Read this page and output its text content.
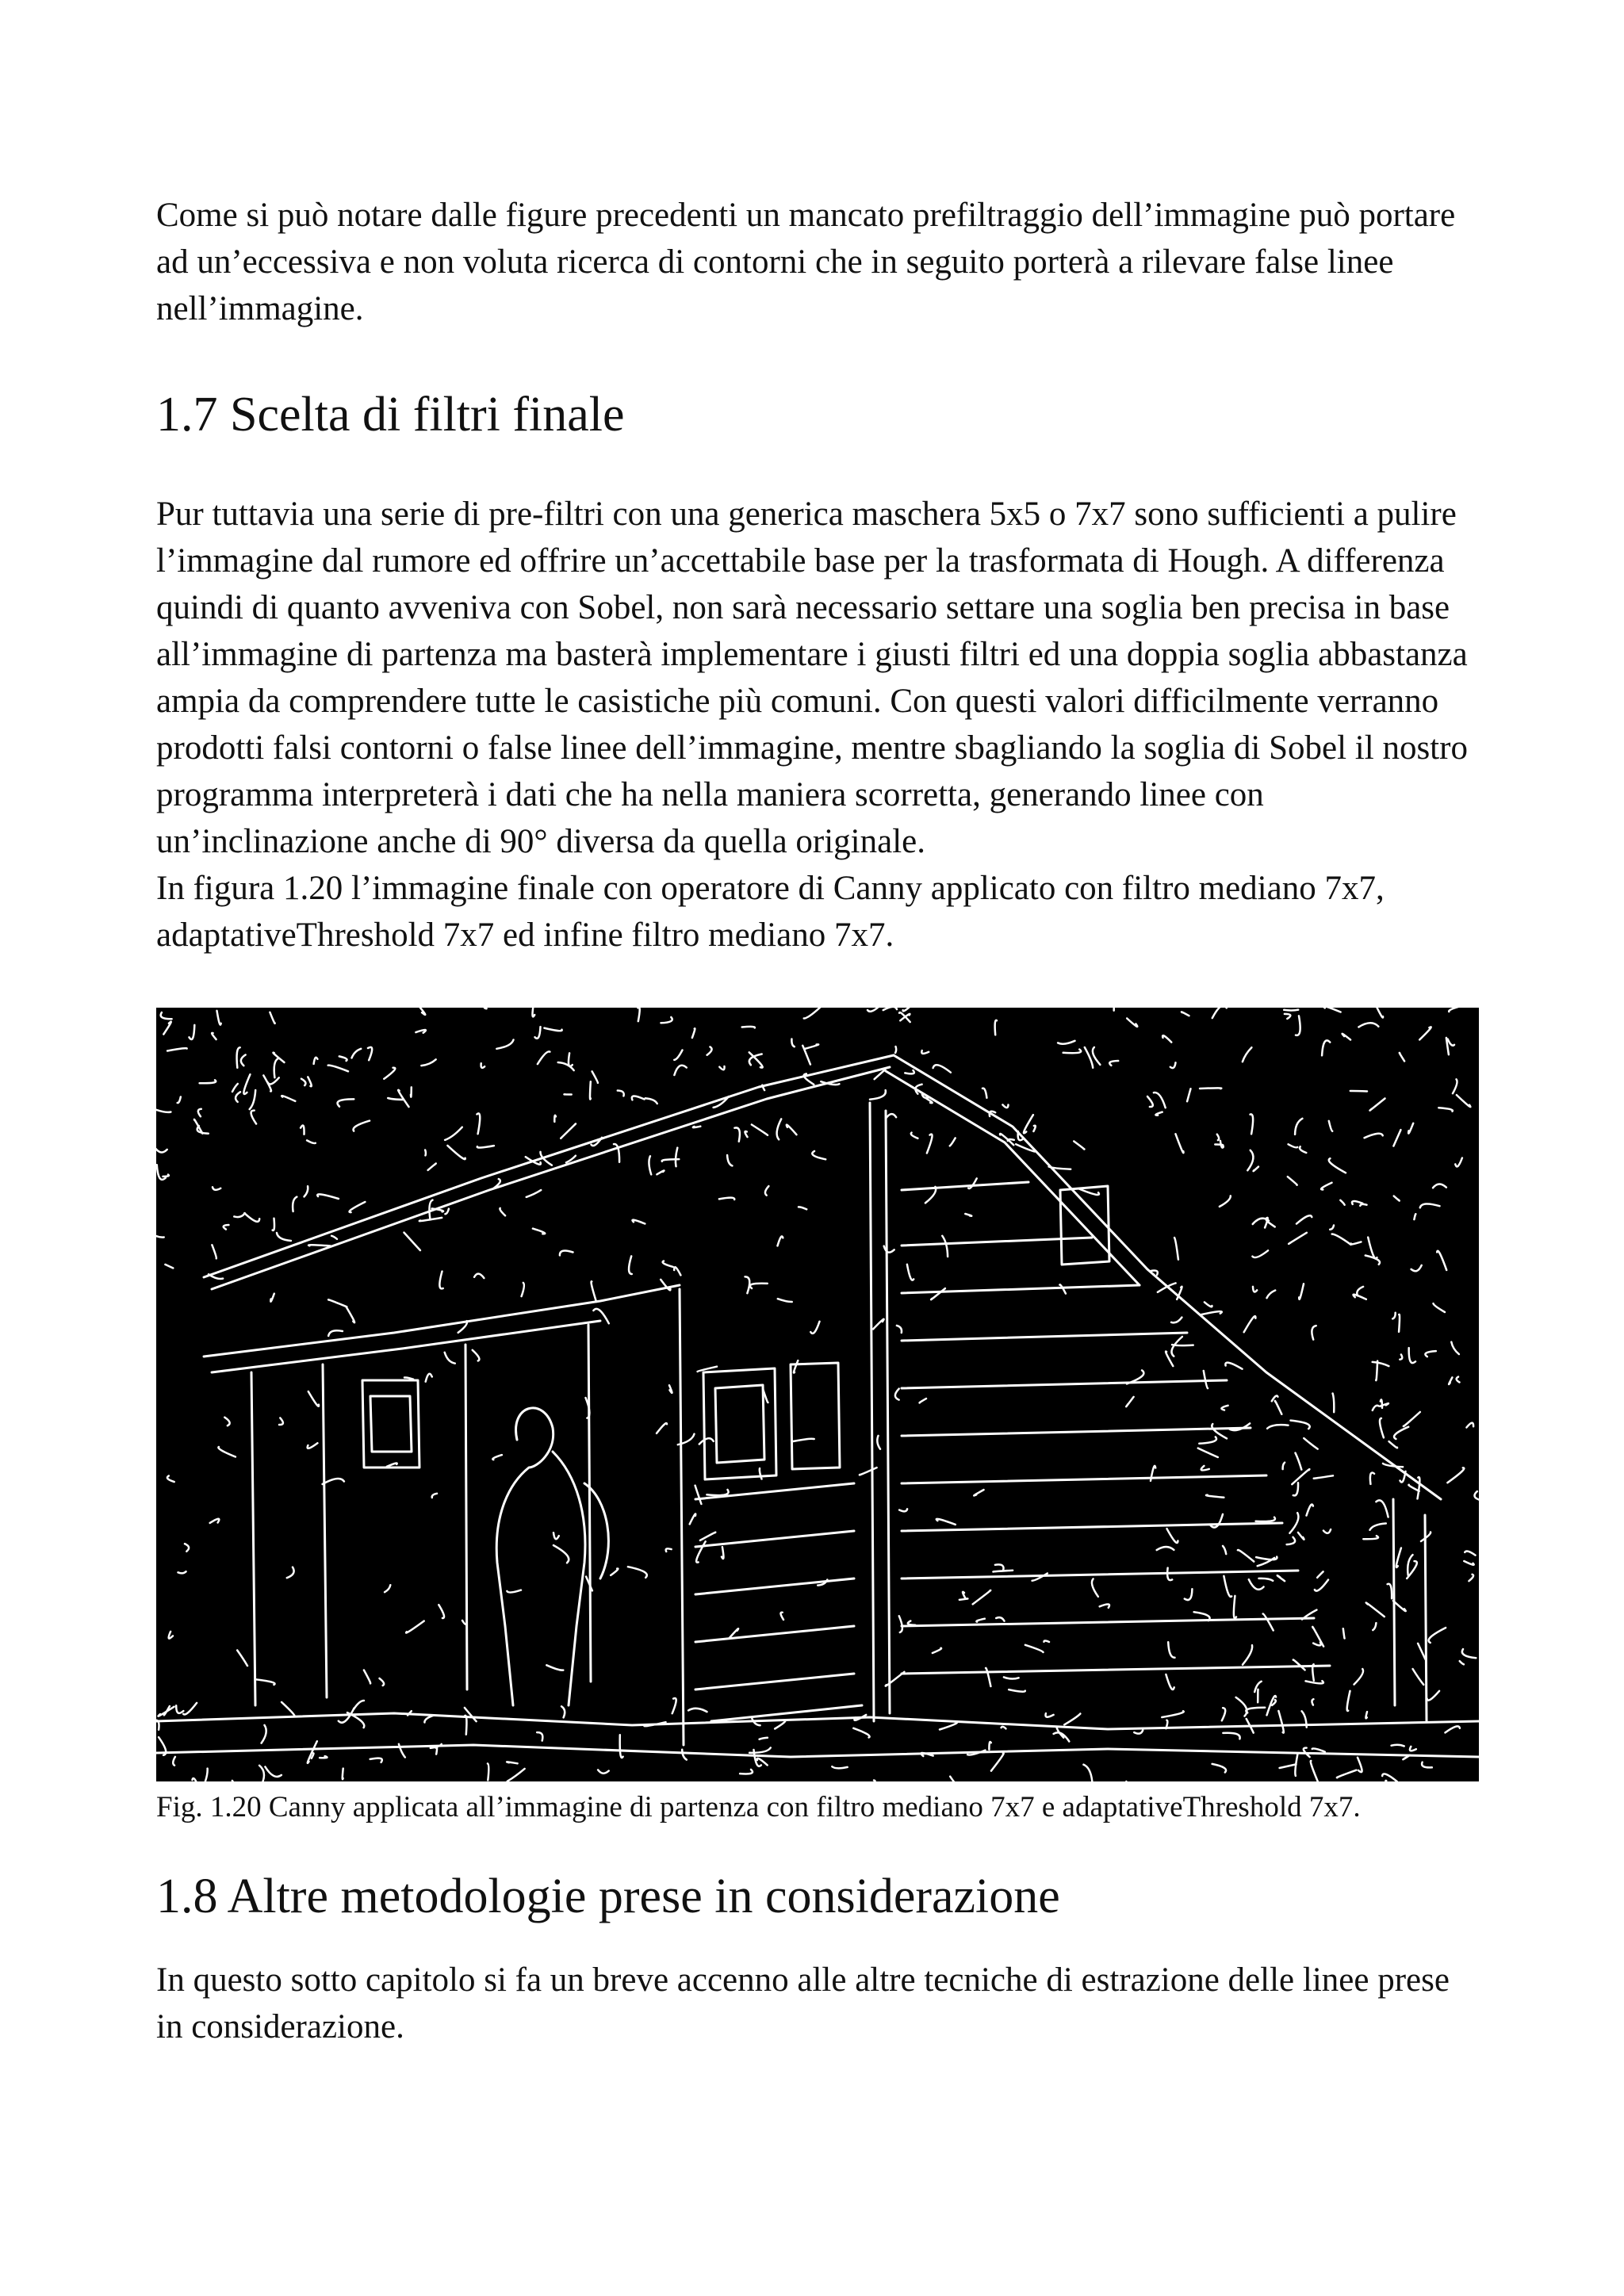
Come si può notare dalle figure precedenti un mancato prefiltraggio dell’immagine può portare ad un’eccessiva e non voluta ricerca di contorni che in seguito porterà a rilevare false linee nell’immagine.

1.7 Scelta di filtri finale

Pur tuttavia una serie di pre-filtri con una generica maschera 5x5 o 7x7 sono sufficienti a pulire l’immagine dal rumore ed offrire un’accettabile base per la trasformata di Hough. A differenza quindi di quanto avveniva con Sobel, non sarà necessario settare una soglia ben precisa in base all’immagine di partenza ma basterà implementare i giusti filtri ed una doppia soglia abbastanza ampia da comprendere tutte le casistiche più comuni. Con questi valori difficilmente verranno prodotti falsi contorni o false linee dell’immagine, mentre sbagliando la soglia di Sobel il nostro programma interpreterà i dati che ha nella maniera scorretta, generando linee con un’inclinazione anche di 90° diversa da quella originale.

In figura 1.20 l’immagine finale con operatore di Canny applicato con filtro mediano 7x7, adaptativeThreshold 7x7 ed infine filtro mediano 7x7.

Fig. 1.20 Canny applicata all’immagine di partenza con filtro mediano 7x7 e adaptativeThreshold 7x7.

1.8 Altre metodologie prese in considerazione

In questo sotto capitolo si fa un breve accenno alle altre tecniche di estrazione delle linee prese in considerazione.
